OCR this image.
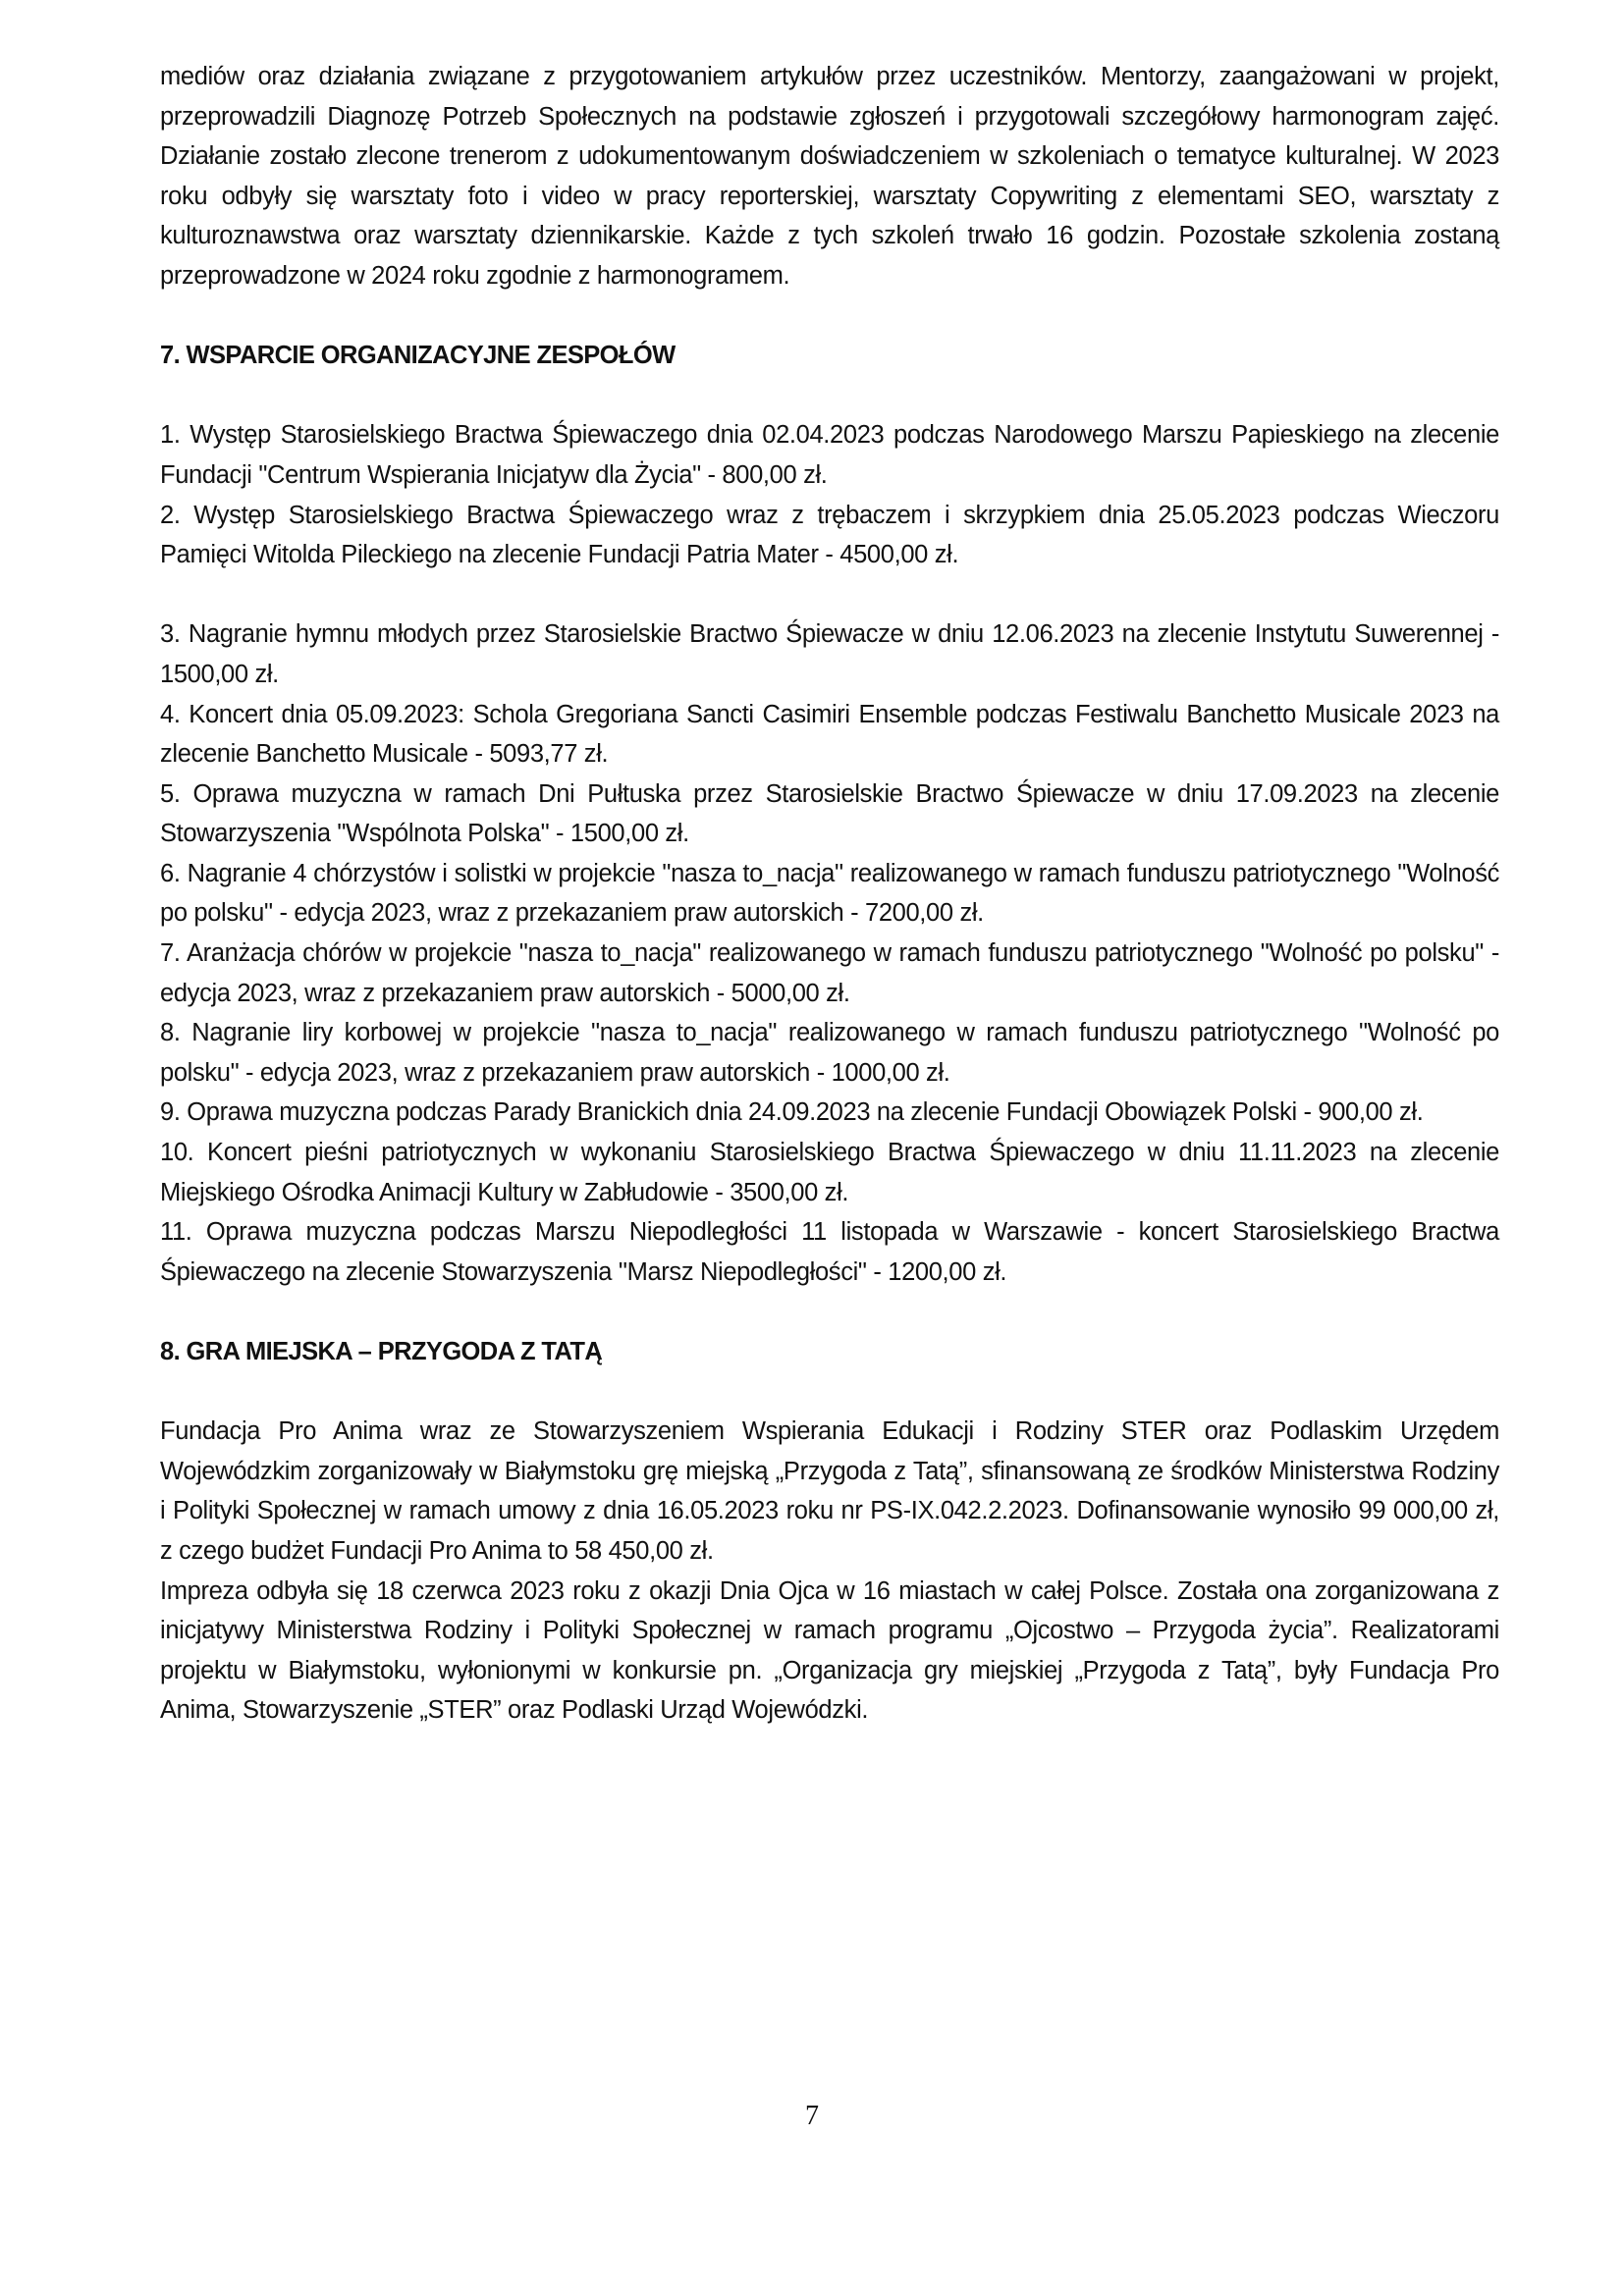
mediów oraz działania związane z przygotowaniem artykułów przez uczestników. Mentorzy, zaangażowani w projekt, przeprowadzili Diagnozę Potrzeb Społecznych na podstawie zgłoszeń i przygotowali szczegółowy harmonogram zajęć. Działanie zostało zlecone trenerom z udokumentowanym doświadczeniem w szkoleniach o tematyce kulturalnej. W 2023 roku odbyły się warsztaty foto i video w pracy reporterskiej, warsztaty Copywriting z elementami SEO, warsztaty z kulturoznawstwa oraz warsztaty dziennikarskie. Każde z tych szkoleń trwało 16 godzin. Pozostałe szkolenia zostaną przeprowadzone w 2024 roku zgodnie z harmonogramem.

7. WSPARCIE ORGANIZACYJNE ZESPOŁÓW

1. Występ Starosielskiego Bractwa Śpiewaczego dnia 02.04.2023 podczas Narodowego Marszu Papieskiego na zlecenie Fundacji "Centrum Wspierania Inicjatyw dla Życia" - 800,00 zł.

2. Występ Starosielskiego Bractwa Śpiewaczego wraz z trębaczem i skrzypkiem dnia 25.05.2023 podczas Wieczoru Pamięci Witolda Pileckiego na zlecenie Fundacji Patria Mater - 4500,00 zł.

3. Nagranie hymnu młodych przez Starosielskie Bractwo Śpiewacze w dniu 12.06.2023 na zlecenie Instytutu Suwerennej - 1500,00 zł.

4. Koncert dnia 05.09.2023: Schola Gregoriana Sancti Casimiri Ensemble podczas Festiwalu Banchetto Musicale 2023 na zlecenie Banchetto Musicale - 5093,77 zł.

5. Oprawa muzyczna w ramach Dni Pułtuska przez Starosielskie Bractwo Śpiewacze w dniu 17.09.2023 na zlecenie Stowarzyszenia "Wspólnota Polska" - 1500,00 zł.

6. Nagranie 4 chórzystów i solistki w projekcie "nasza to_nacja" realizowanego w ramach funduszu patriotycznego "Wolność po polsku" - edycja 2023, wraz z przekazaniem praw autorskich - 7200,00 zł.

7. Aranżacja chórów w projekcie "nasza to_nacja" realizowanego w ramach funduszu patriotycznego "Wolność po polsku" - edycja 2023, wraz z przekazaniem praw autorskich - 5000,00 zł.

8. Nagranie liry korbowej w projekcie "nasza to_nacja" realizowanego w ramach funduszu patriotycznego "Wolność po polsku" - edycja 2023, wraz z przekazaniem praw autorskich - 1000,00 zł.

9. Oprawa muzyczna podczas Parady Branickich dnia 24.09.2023 na zlecenie Fundacji Obowiązek Polski - 900,00 zł.

10. Koncert pieśni patriotycznych w wykonaniu Starosielskiego Bractwa Śpiewaczego w dniu 11.11.2023 na zlecenie Miejskiego Ośrodka Animacji Kultury w Zabłudowie - 3500,00 zł.

11. Oprawa muzyczna podczas Marszu Niepodległości 11 listopada w Warszawie - koncert Starosielskiego Bractwa Śpiewaczego na zlecenie Stowarzyszenia "Marsz Niepodległości" - 1200,00 zł.

8. GRA MIEJSKA – PRZYGODA Z TATĄ

Fundacja Pro Anima wraz ze Stowarzyszeniem Wspierania Edukacji i Rodziny STER oraz Podlaskim Urzędem Wojewódzkim zorganizowały w Białymstoku grę miejską „Przygoda z Tatą”, sfinansowaną ze środków Ministerstwa Rodziny i Polityki Społecznej w ramach umowy z dnia 16.05.2023 roku nr PS-IX.042.2.2023. Dofinansowanie wynosiło 99 000,00 zł, z czego budżet Fundacji Pro Anima to 58 450,00 zł.

Impreza odbyła się 18 czerwca 2023 roku z okazji Dnia Ojca w 16 miastach w całej Polsce. Została ona zorganizowana z inicjatywy Ministerstwa Rodziny i Polityki Społecznej w ramach programu „Ojcostwo – Przygoda życia”. Realizatorami projektu w Białymstoku, wyłonionymi w konkursie pn. „Organizacja gry miejskiej „Przygoda z Tatą”, były Fundacja Pro Anima, Stowarzyszenie „STER” oraz Podlaski Urząd Wojewódzki.

7
